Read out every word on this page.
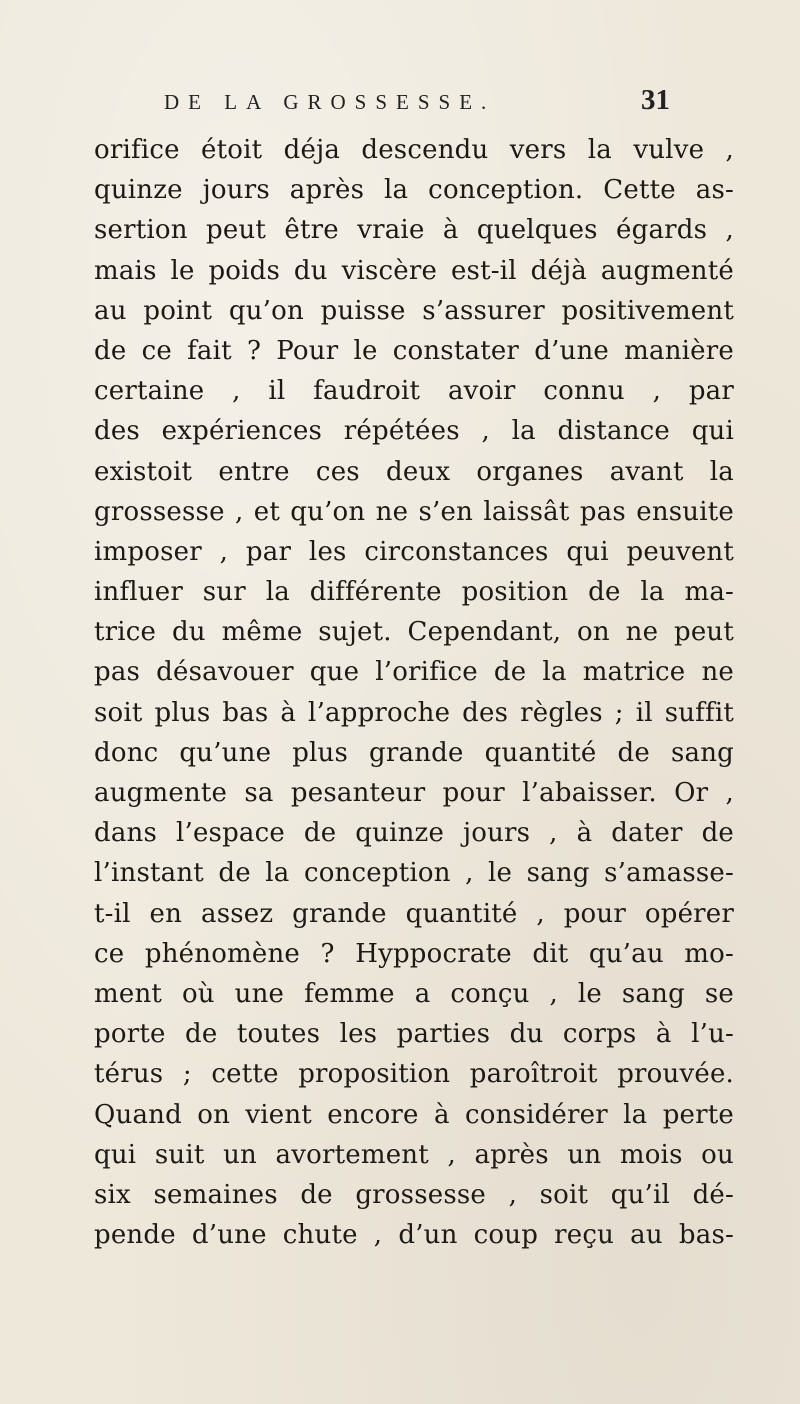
DE LA GROSSESSE.	31
orifice étoit déja descendu vers la vulve ,
quinze jours après la conception. Cette as-
sertion peut être vraie à quelques égards ,
mais le poids du viscère est-il déjà augmenté
au point qu’on puisse s’assurer positivement
de ce fait ? Pour le constater d’une manière
certaine , il faudroit avoir connu , par
des expériences répétées , la distance qui
existoit entre ces deux organes avant la
grossesse , et qu’on ne s’en laissât pas ensuite
imposer , par les circonstances qui peuvent
influer sur la différente position de la ma-
trice du même sujet. Cependant, on ne peut
pas désavouer que l’orifice de la matrice ne
soit plus bas à l’approche des règles ; il suffit
donc qu’une plus grande quantité de sang
augmente sa pesanteur pour l’abaisser. Or ,
dans l’espace de quinze jours , à dater de
l’instant de la conception , le sang s’amasse-
t-il en assez grande quantité , pour opérer
ce phénomène ? Hyppocrate dit qu’au mo-
ment où une femme a conçu , le sang se
porte de toutes les parties du corps à l’u-
térus ; cette proposition paroîtroit prouvée.
Quand on vient encore à considérer la perte
qui suit un avortement , après un mois ou
six semaines de grossesse , soit qu’il dé-
pende d’une chute , d’un coup reçu au bas-
